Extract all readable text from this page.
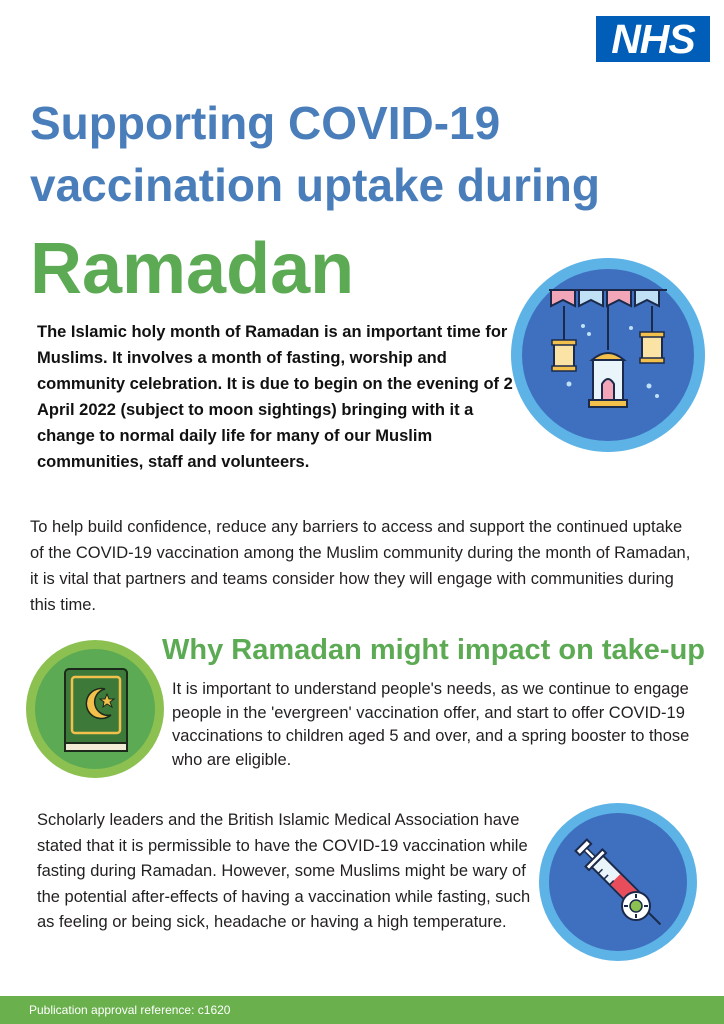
NHS
Supporting COVID-19
vaccination uptake during
Ramadan

The Islamic holy month of Ramadan is an important time for Muslims. It involves a month of fasting, worship and community celebration. It is due to begin on the evening of 2 April 2022 (subject to moon sightings) bringing with it a change to normal daily life for many of our Muslim communities, staff and volunteers.

To help build confidence, reduce any barriers to access and support the continued uptake of the COVID-19 vaccination among the Muslim community during the month of Ramadan, it is vital that partners and teams consider how they will engage with communities during this time.

Why Ramadan might impact on take-up

It is important to understand people's needs, as we continue to engage people in the 'evergreen' vaccination offer, and start to offer COVID-19 vaccinations to children aged 5 and over, and a spring booster to those who are eligible.

Scholarly leaders and the British Islamic Medical Association have stated that it is permissible to have the COVID-19 vaccination while fasting during Ramadan. However, some Muslims might be wary of the potential after-effects of having a vaccination while fasting, such as feeling or being sick, headache or having a high temperature.

Publication approval reference: c1620
